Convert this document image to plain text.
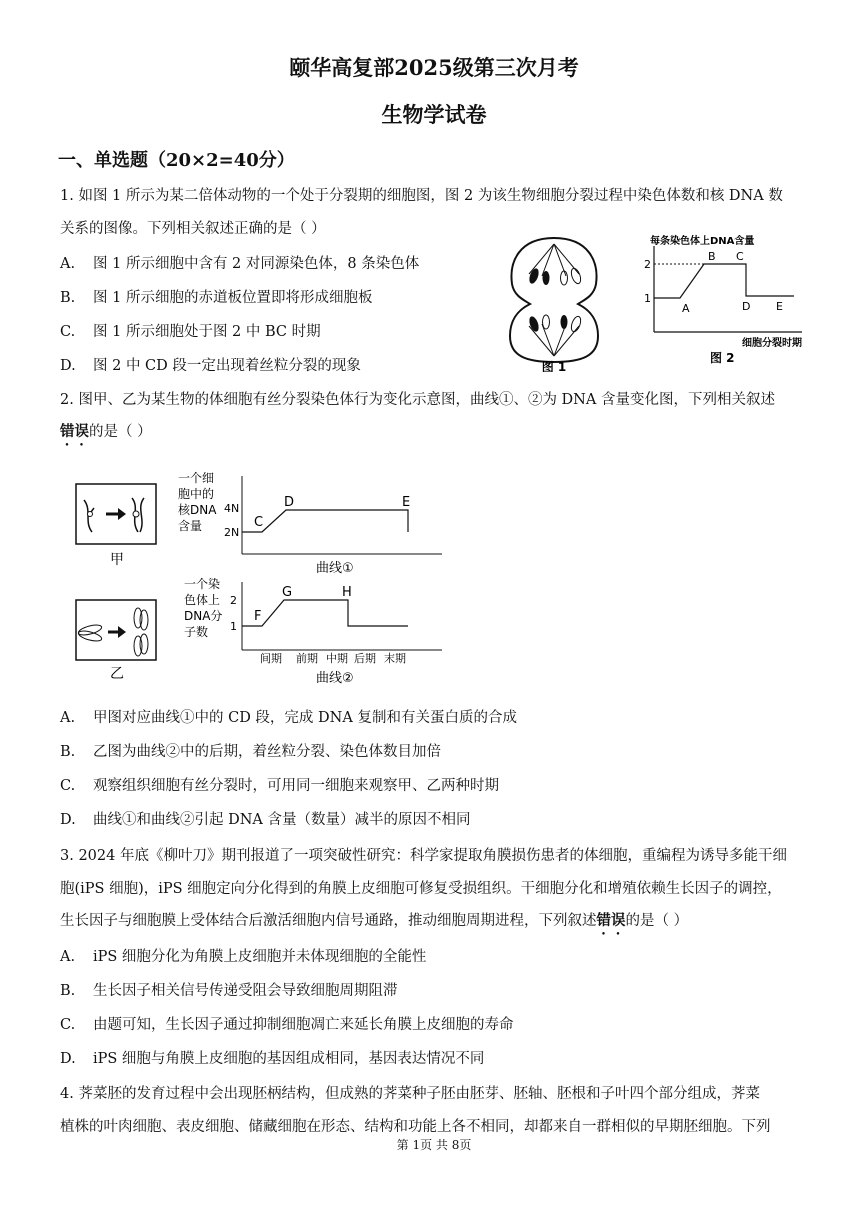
颐华高复部2025级第三次月考
生物学试卷
一、单选题（20×2=40分）
1. 如图 1 所示为某二倍体动物的一个处于分裂期的细胞图，图 2 为该生物细胞分裂过程中染色体数和核 DNA 数
关系的图像。下列相关叙述正确的是（ ）
A. 图 1 所示细胞中含有 2 对同源染色体，8 条染色体
B. 图 1 所示细胞的赤道板位置即将形成细胞板
C. 图 1 所示细胞处于图 2 中 BC 时期
D. 图 2 中 CD 段一定出现着丝粒分裂的现象	图 1
每条染色体上DNA含量
2
1
A
B C
D E
细胞分裂时期
图 2
2. 图甲、乙为某生物的体细胞有丝分裂染色体行为变化示意图，曲线①、②为 DNA 含量变化图，下列相关叙述
错误的是（ ）
甲
乙
一个细
胞中的
核DNA
含量
4N
2N
C
D	E
曲线①
一个染
色体上
DNA分
子数
2
1
F
G	H
间期 前期 中期 后期 末期
曲线②
A. 甲图对应曲线①中的 CD 段，完成 DNA 复制和有关蛋白质的合成
B. 乙图为曲线②中的后期，着丝粒分裂、染色体数目加倍
C. 观察组织细胞有丝分裂时，可用同一细胞来观察甲、乙两种时期
D. 曲线①和曲线②引起 DNA 含量（数量）减半的原因不相同
3. 2024 年底《柳叶刀》期刊报道了一项突破性研究：科学家提取角膜损伤患者的体细胞，重编程为诱导多能干细
胞(iPS 细胞)，iPS 细胞定向分化得到的角膜上皮细胞可修复受损组织。干细胞分化和增殖依赖生长因子的调控，
生长因子与细胞膜上受体结合后激活细胞内信号通路，推动细胞周期进程，下列叙述错误的是（ ）
A. iPS 细胞分化为角膜上皮细胞并未体现细胞的全能性
B. 生长因子相关信号传递受阻会导致细胞周期阻滞
C. 由题可知，生长因子通过抑制细胞凋亡来延长角膜上皮细胞的寿命
D. iPS 细胞与角膜上皮细胞的基因组成相同，基因表达情况不同
4. 荠菜胚的发育过程中会出现胚柄结构，但成熟的荠菜种子胚由胚芽、胚轴、胚根和子叶四个部分组成，荠菜
植株的叶肉细胞、表皮细胞、储藏细胞在形态、结构和功能上各不相同，却都来自一群相似的早期胚细胞。下列
第 1页 共 8页
